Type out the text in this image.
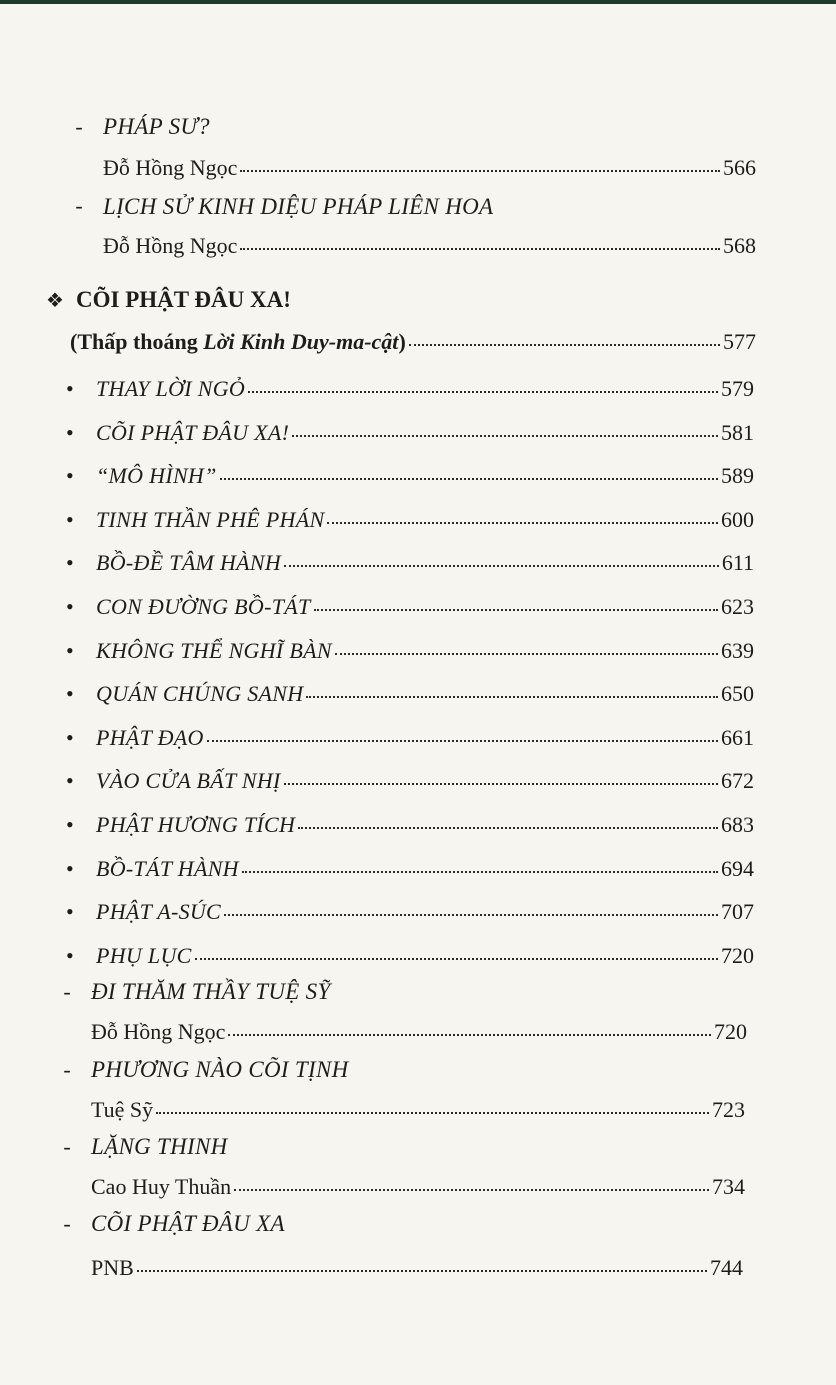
- PHÁP SƯ?
Đỗ Hồng Ngọc	566
- LỊCH SỬ KINH DIỆU PHÁP LIÊN HOA
Đỗ Hồng Ngọc	568
❖ CÕI PHẬT ĐÂU XA!
(Thấp thoáng Lời Kinh Duy-ma-cật)	577
• THAY LỜI NGỎ	579
• CÕI PHẬT ĐÂU XA!	581
• “MÔ HÌNH”	589
• TINH THẦN PHÊ PHÁN	600
• BỒ-ĐỀ TÂM HÀNH	611
• CON ĐƯỜNG BỒ-TÁT	623
• KHÔNG THỂ NGHĨ BÀN	639
• QUÁN CHÚNG SANH	650
• PHẬT ĐẠO	661
• VÀO CỬA BẤT NHỊ	672
• PHẬT HƯƠNG TÍCH	683
• BỒ-TÁT HÀNH	694
• PHẬT A-SÚC	707
• PHỤ LỤC	720
- ĐI THĂM THẦY TUỆ SỸ
Đỗ Hồng Ngọc	720
- PHƯƠNG NÀO CÕI TỊNH
Tuệ Sỹ	723
- LẶNG THINH
Cao Huy Thuần	734
- CÕI PHẬT ĐÂU XA
PNB	744
